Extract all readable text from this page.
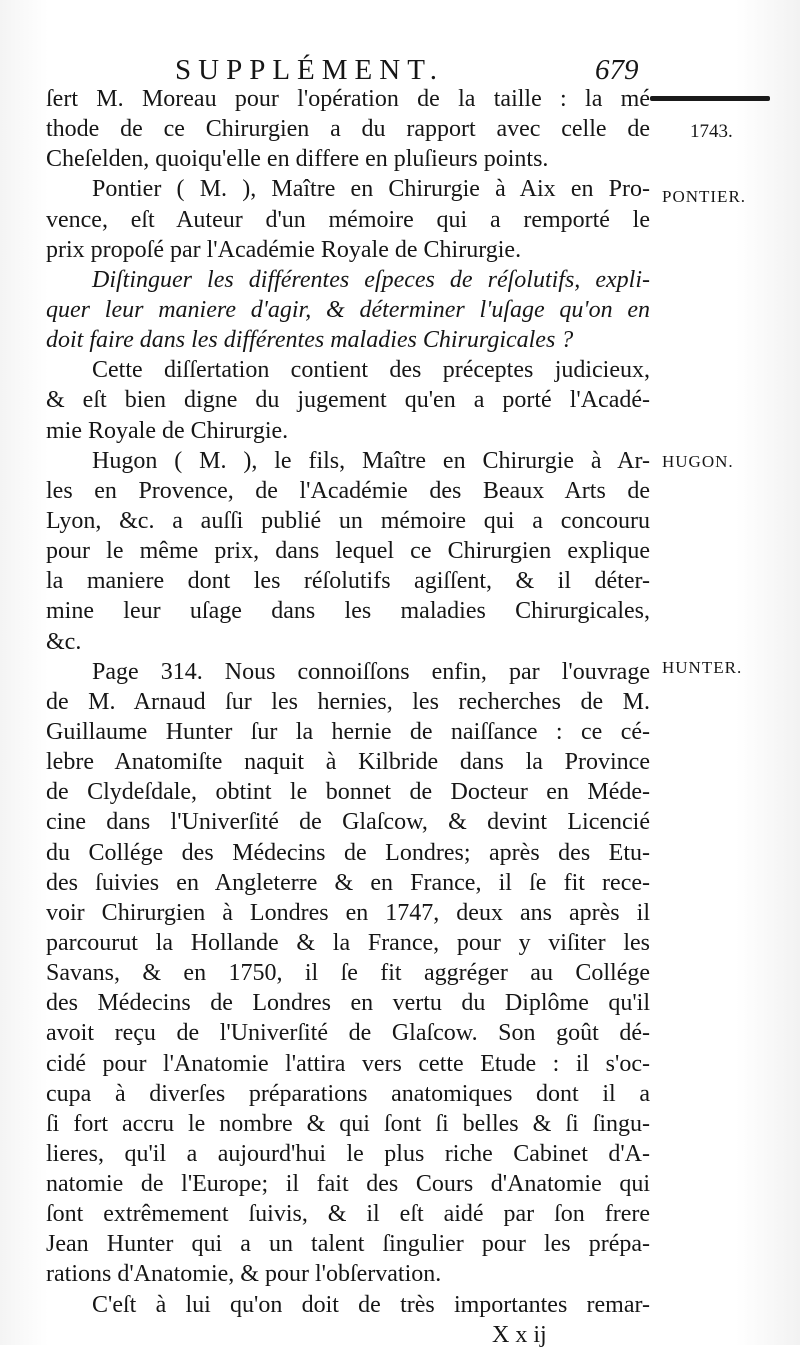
SUPPLÉMENT.	679
1743.
PONTIER.
HUGON.
HUNTER.
ſert M. Moreau pour l'opération de la taille : la mé
thode de ce Chirurgien a du rapport avec celle de
Cheſelden, quoiqu'elle en differe en pluſieurs points.
Pontier ( M. ), Maître en Chirurgie à Aix en Pro-
vence, eſt Auteur d'un mémoire qui a remporté le
prix propoſé par l'Académie Royale de Chirurgie.
Diſtinguer les différentes eſpeces de réſolutifs, expli-
quer leur maniere d'agir, & déterminer l'uſage qu'on en
doit faire dans les différentes maladies Chirurgicales ?
Cette diſſertation contient des préceptes judicieux,
& eſt bien digne du jugement qu'en a porté l'Acadé-
mie Royale de Chirurgie.
Hugon ( M. ), le fils, Maître en Chirurgie à Ar-
les en Provence, de l'Académie des Beaux Arts de
Lyon, &c. a auſſi publié un mémoire qui a concouru
pour le même prix, dans lequel ce Chirurgien explique
la maniere dont les réſolutifs agiſſent, & il déter-
mine leur uſage dans les maladies Chirurgicales,
&c.
Page 314. Nous connoiſſons enfin, par l'ouvrage
de M. Arnaud ſur les hernies, les recherches de M.
Guillaume Hunter ſur la hernie de naiſſance : ce cé-
lebre Anatomiſte naquit à Kilbride dans la Province
de Clydeſdale, obtint le bonnet de Docteur en Méde-
cine dans l'Univerſité de Glaſcow, & devint Licencié
du Collége des Médecins de Londres; après des Etu-
des ſuivies en Angleterre & en France, il ſe fit rece-
voir Chirurgien à Londres en 1747, deux ans après il
parcourut la Hollande & la France, pour y viſiter les
Savans, & en 1750, il ſe fit aggréger au Collége
des Médecins de Londres en vertu du Diplôme qu'il
avoit reçu de l'Univerſité de Glaſcow. Son goût dé-
cidé pour l'Anatomie l'attira vers cette Etude : il s'oc-
cupa à diverſes préparations anatomiques dont il a
ſi fort accru le nombre & qui ſont ſi belles & ſi ſingu-
lieres, qu'il a aujourd'hui le plus riche Cabinet d'A-
natomie de l'Europe; il fait des Cours d'Anatomie qui
ſont extrêmement ſuivis, & il eſt aidé par ſon frere
Jean Hunter qui a un talent ſingulier pour les prépa-
rations d'Anatomie, & pour l'obſervation.
C'eſt à lui qu'on doit de très importantes remar-
X x ij
